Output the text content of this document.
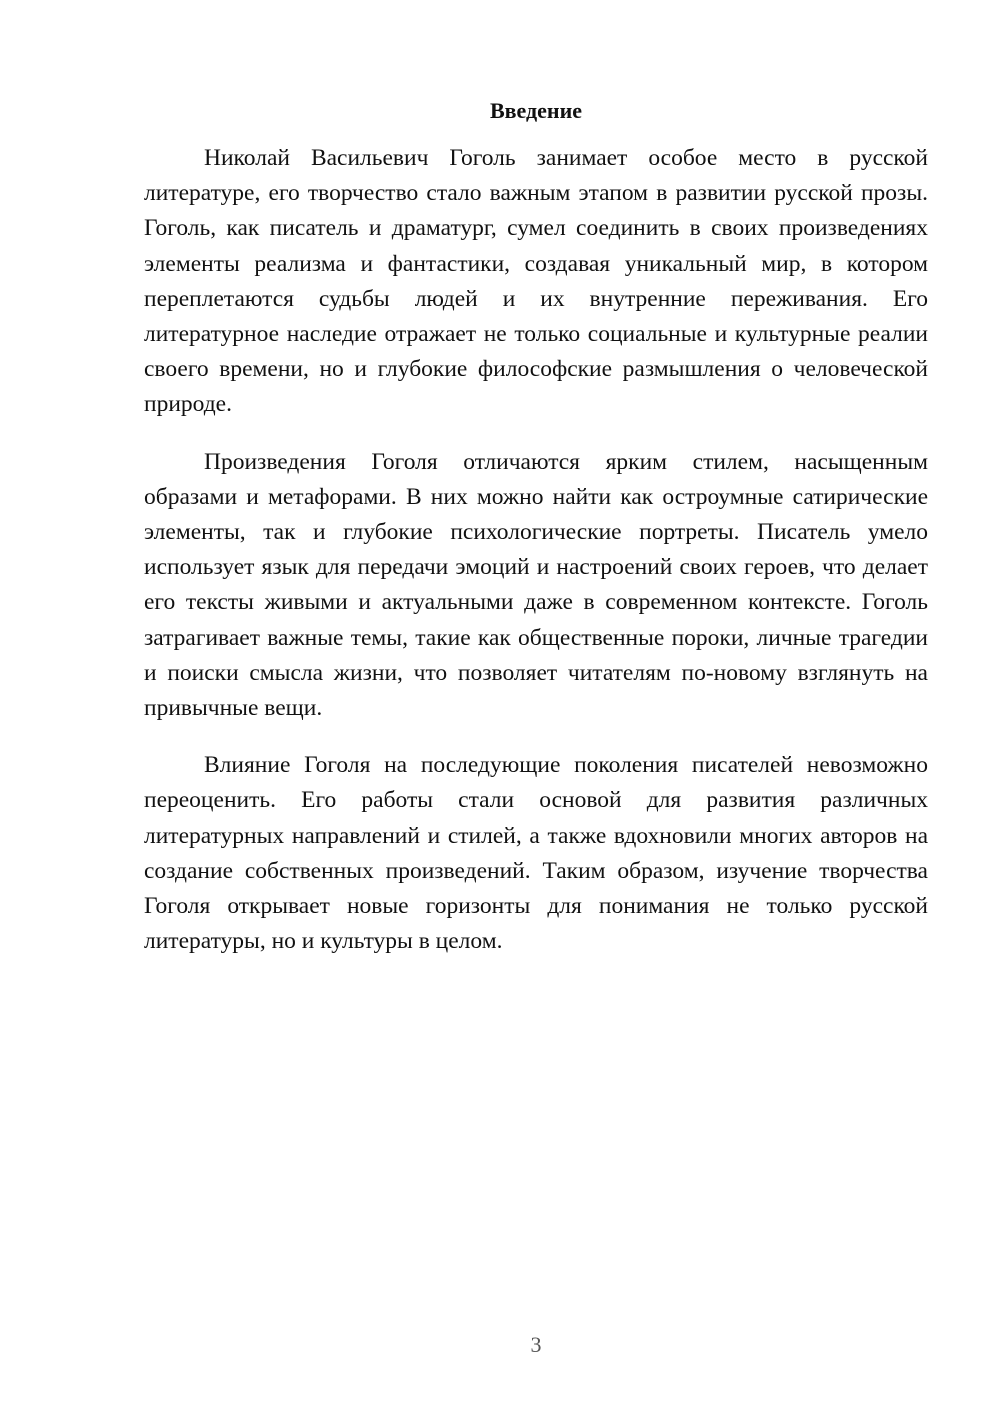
Введение

Николай Васильевич Гоголь занимает особое место в русской литературе, его творчество стало важным этапом в развитии русской прозы. Гоголь, как писатель и драматург, сумел соединить в своих произведениях элементы реализма и фантастики, создавая уникальный мир, в котором переплетаются судьбы людей и их внутренние переживания. Его литературное наследие отражает не только социальные и культурные реалии своего времени, но и глубокие философские размышления о человеческой природе.

Произведения Гоголя отличаются ярким стилем, насыщенным образами и метафорами. В них можно найти как остроумные сатирические элементы, так и глубокие психологические портреты. Писатель умело использует язык для передачи эмоций и настроений своих героев, что делает его тексты живыми и актуальными даже в современном контексте. Гоголь затрагивает важные темы, такие как общественные пороки, личные трагедии и поиски смысла жизни, что позволяет читателям по-новому взглянуть на привычные вещи.

Влияние Гоголя на последующие поколения писателей невозможно переоценить. Его работы стали основой для развития различных литературных направлений и стилей, а также вдохновили многих авторов на создание собственных произведений. Таким образом, изучение творчества Гоголя открывает новые горизонты для понимания не только русской литературы, но и культуры в целом.

3
